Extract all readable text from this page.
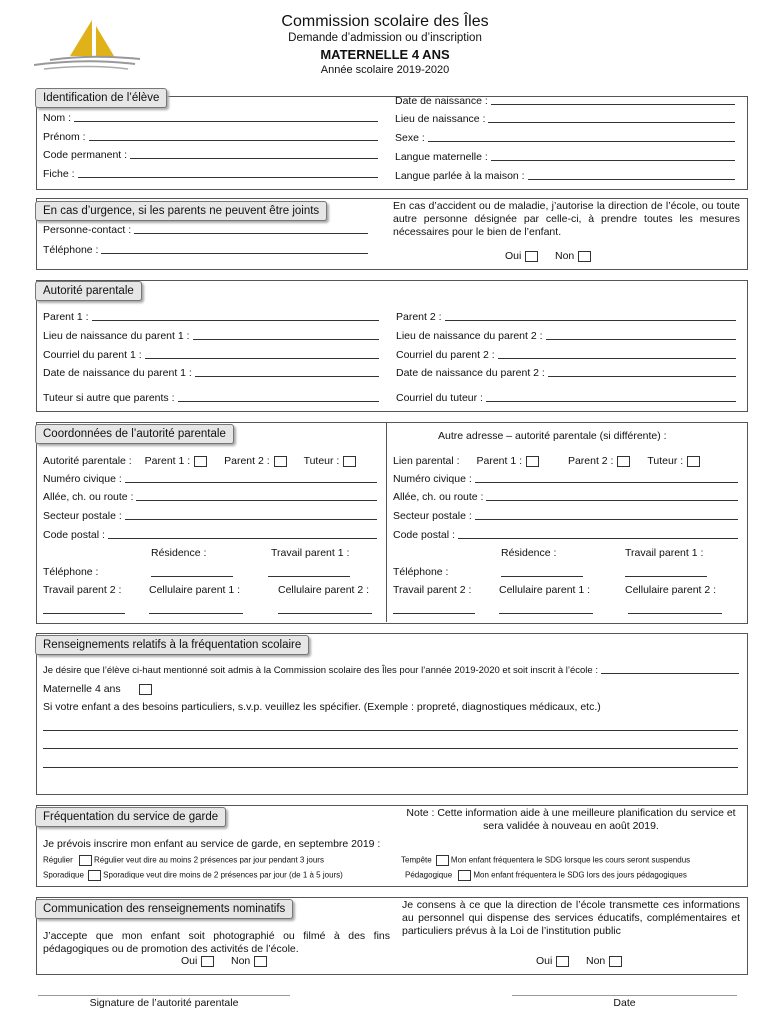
Commission scolaire des Îles
Demande d’admission ou d’inscription
MATERNELLE 4 ANS
Année scolaire 2019-2020
Identification de l’élève
Nom :
Prénom :
Code permanent :
Fiche :
Date de naissance :
Lieu de naissance :
Sexe :
Langue maternelle :
Langue parlée à la maison :
En cas d’urgence, si les parents ne peuvent être joints
Personne-contact :
Téléphone :
En cas d’accident ou de maladie, j’autorise la direction de l’école, ou toute autre personne désignée par celle-ci, à prendre toutes les mesures nécessaires pour le bien de l’enfant.
Oui	Non
Autorité parentale
Parent 1 :
Lieu de naissance du parent 1 :
Courriel du parent 1 :
Date de naissance du parent 1 :
Tuteur si autre que parents :
Parent 2 :
Lieu de naissance du parent 2 :
Courriel du parent 2 :
Date de naissance du parent 2 :
Courriel du tuteur :
Coordonnées de l’autorité parentale	Autre adresse – autorité parentale (si différente) :
Autorité parentale : Parent 1 :	Parent 2 :	Tuteur :
Numéro civique :
Allée, ch. ou route :
Secteur postale :
Code postal :
Résidence :	Travail parent 1 :
Téléphone :
Travail parent 2 :	Cellulaire parent 1 :	Cellulaire parent 2 :
Lien parental : Parent 1 :	Parent 2 :	Tuteur :
Numéro civique :
Allée, ch. ou route :
Secteur postale :
Code postal :
Résidence :	Travail parent 1 :
Téléphone :
Travail parent 2 :	Cellulaire parent 1 :	Cellulaire parent 2 :
Renseignements relatifs à la fréquentation scolaire
Je désire que l’élève ci-haut mentionné soit admis à la Commission scolaire des Îles pour l’année 2019-2020 et soit inscrit à l’école :
Maternelle 4 ans
Si votre enfant a des besoins particuliers, s.v.p. veuillez les spécifier. (Exemple : propreté, diagnostiques médicaux, etc.)
Fréquentation du service de garde	Note : Cette information aide à une meilleure planification du service et sera validée à nouveau en août 2019.
Je prévois inscrire mon enfant au service de garde, en septembre 2019 :
Régulier	Régulier veut dire au moins 2 présences par jour pendant 3 jours
Sporadique Sporadique veut dire moins de 2 présences par jour (de 1 à 5 jours)
Tempête Mon enfant fréquentera le SDG lorsque les cours seront suspendus
Pédagogique	Mon enfant fréquentera le SDG lors des jours pédagogiques
Communication des renseignements nominatifs
J’accepte que mon enfant soit photographié ou filmé à des fins pédagogiques ou de promotion des activités de l’école.
Oui	Non
Je consens à ce que la direction de l’école transmette ces informations au personnel qui dispense des services éducatifs, complémentaires et particuliers prévus à la Loi de l’institution public
Oui	Non
Signature de l’autorité parentale	Date
